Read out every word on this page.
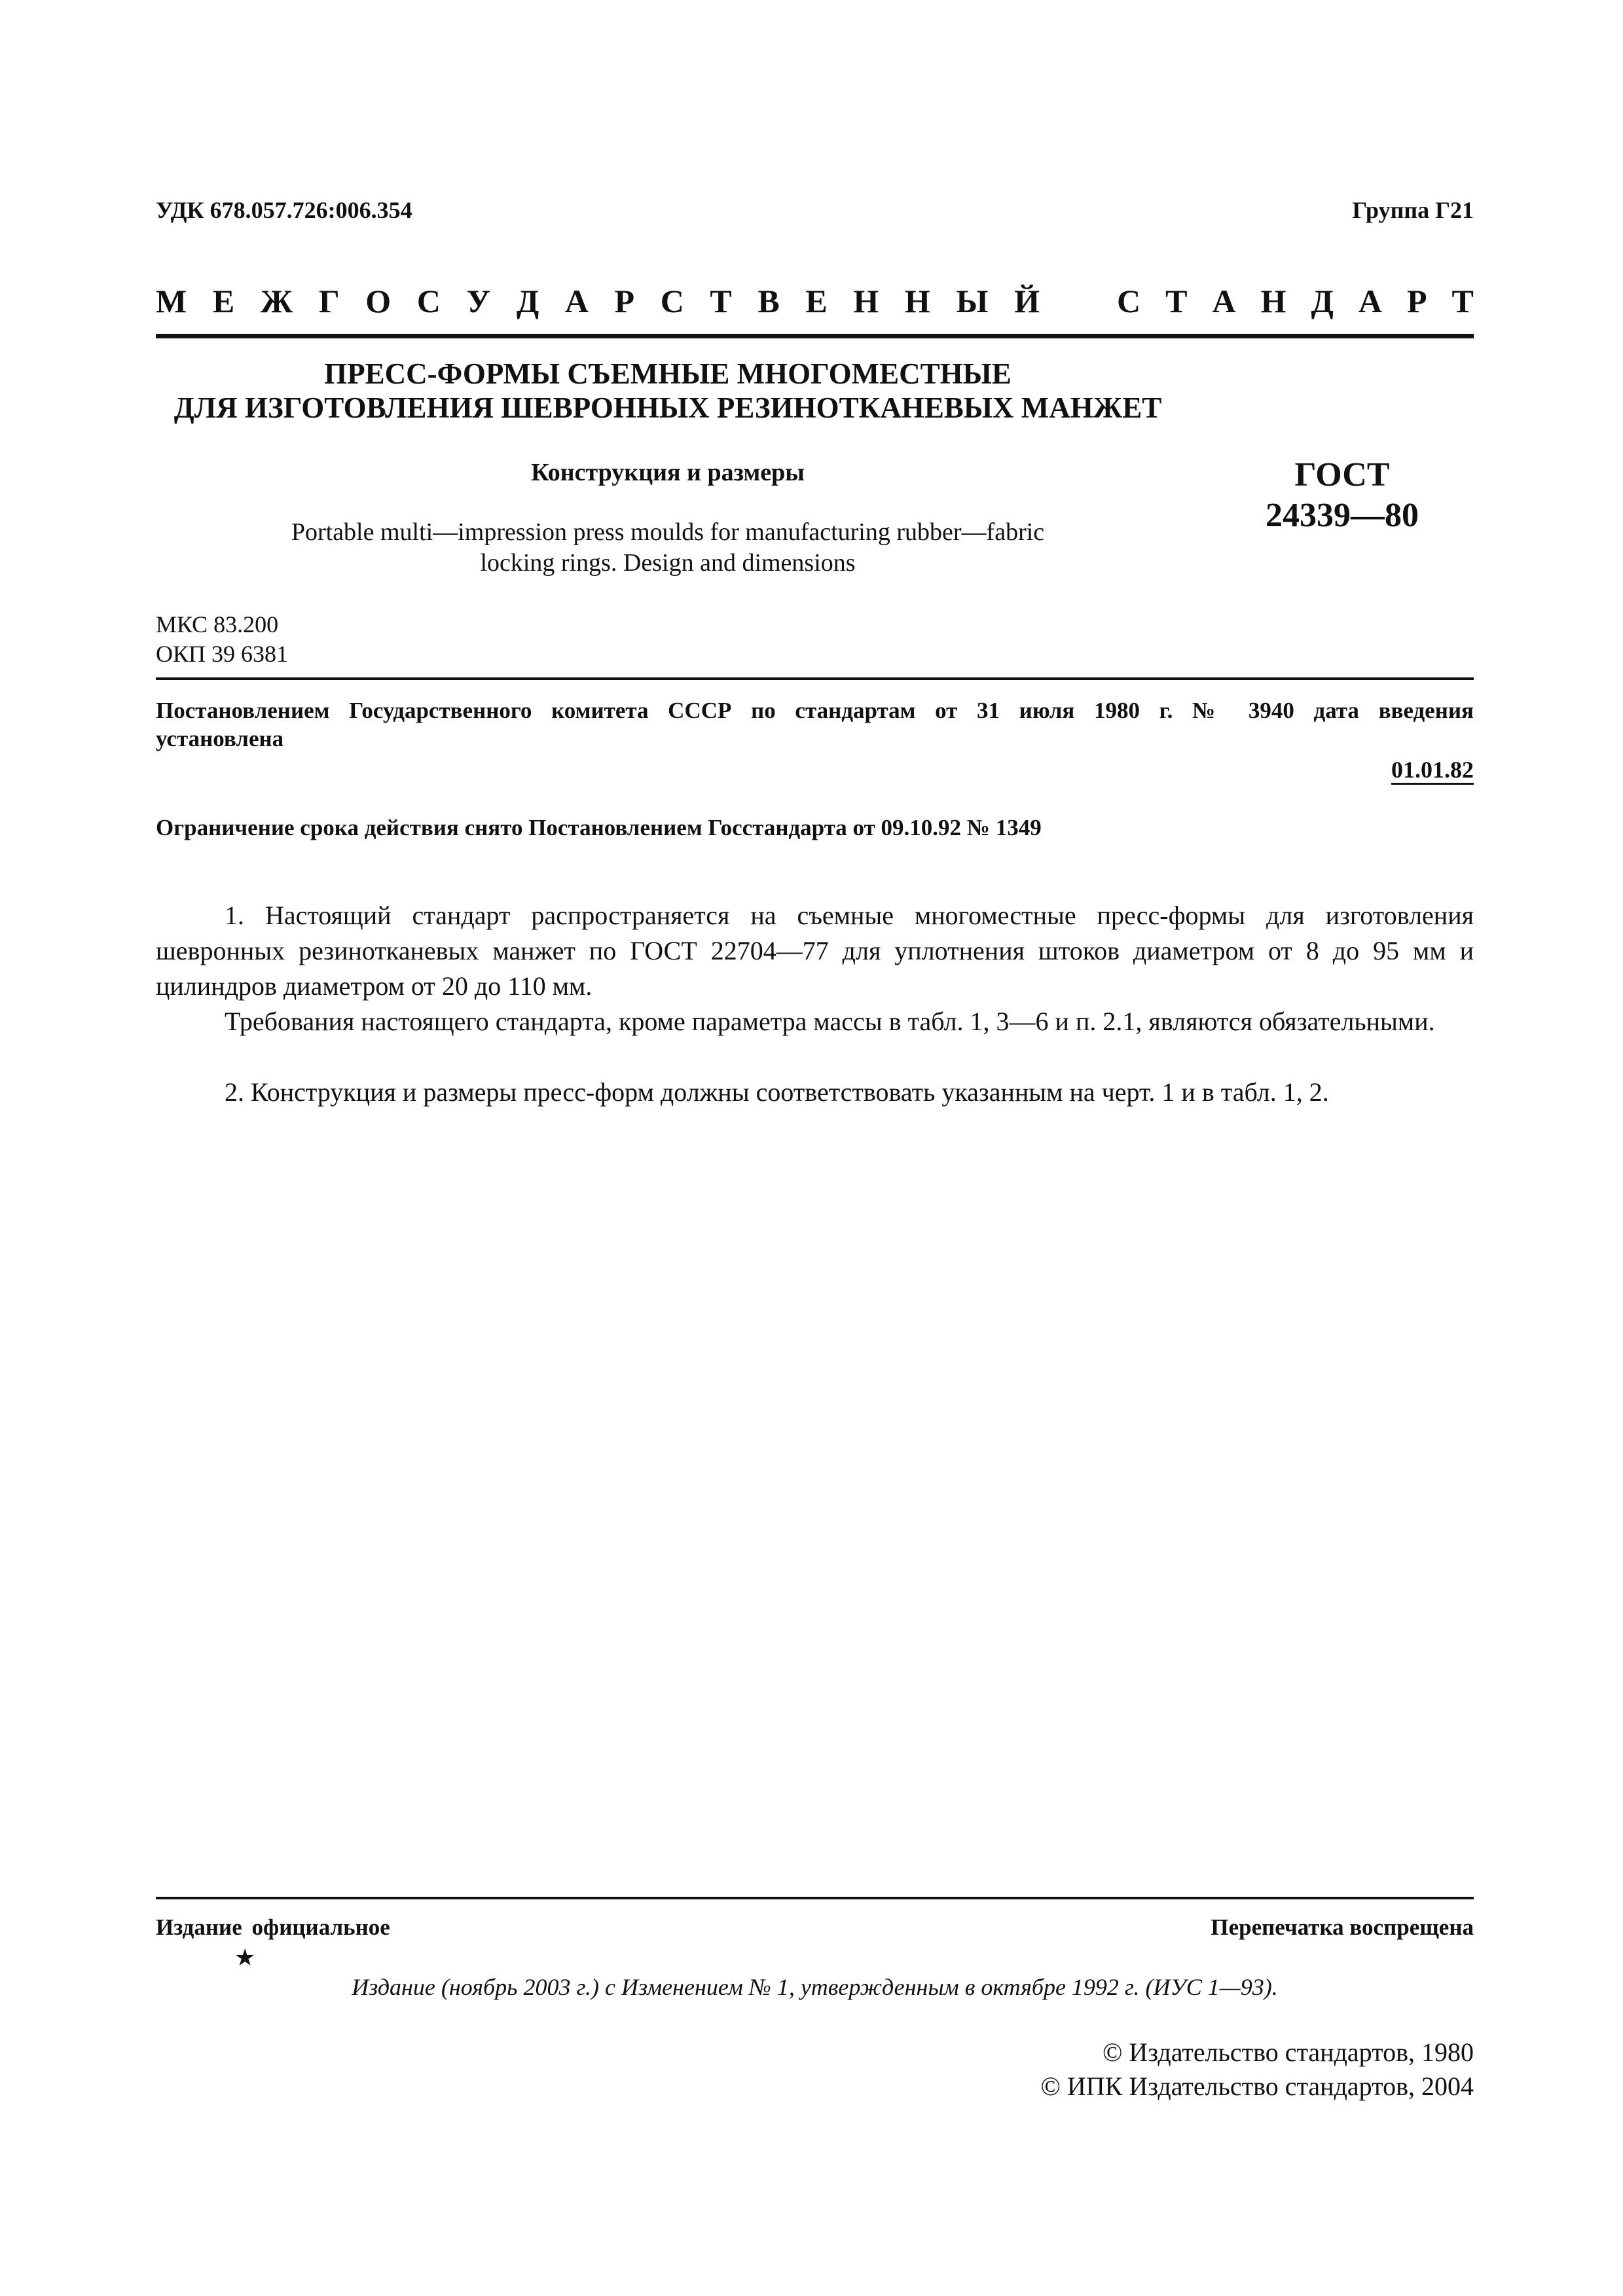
УДК 678.057.726:006.354	Группа Г21
М Е Ж Г О С У Д А Р С Т В Е Н Н Ы Й С Т А Н Д А Р Т
ПРЕСС-ФОРМЫ СЪЕМНЫЕ МНОГОМЕСТНЫЕ
ДЛЯ ИЗГОТОВЛЕНИЯ ШЕВРОННЫХ РЕЗИНОТКАНЕВЫХ МАНЖЕТ
Конструкция и размеры	ГОСТ
24339—80
Portable multi—impression press moulds for manufacturing rubber—fabric
locking rings. Design and dimensions
МКС 83.200
ОКП 39 6381
Постановлением Государственного комитета СССР по стандартам от 31 июля 1980 г. № 3940 дата введения
установлена
01.01.82
Ограничение срока действия снято Постановлением Госстандарта от 09.10.92 № 1349

1. Настоящий стандарт распространяется на съемные многоместные пресс-формы для изготовления шевронных резинотканевых манжет по ГОСТ 22704—77 для уплотнения штоков диаметром от 8 до 95 мм и цилиндров диаметром от 20 до 110 мм.

Требования настоящего стандарта, кроме параметра массы в табл. 1, 3—6 и п. 2.1, являются обязательными.

2. Конструкция и размеры пресс-форм должны соответствовать указанным на черт. 1 и в табл. 1, 2.

Издание официальное	Перепечатка воспрещена
★
Издание (ноябрь 2003 г.) с Изменением № 1, утвержденным в октябре 1992 г. (ИУС 1—93).
© Издательство стандартов, 1980
© ИПК Издательство стандартов, 2004
